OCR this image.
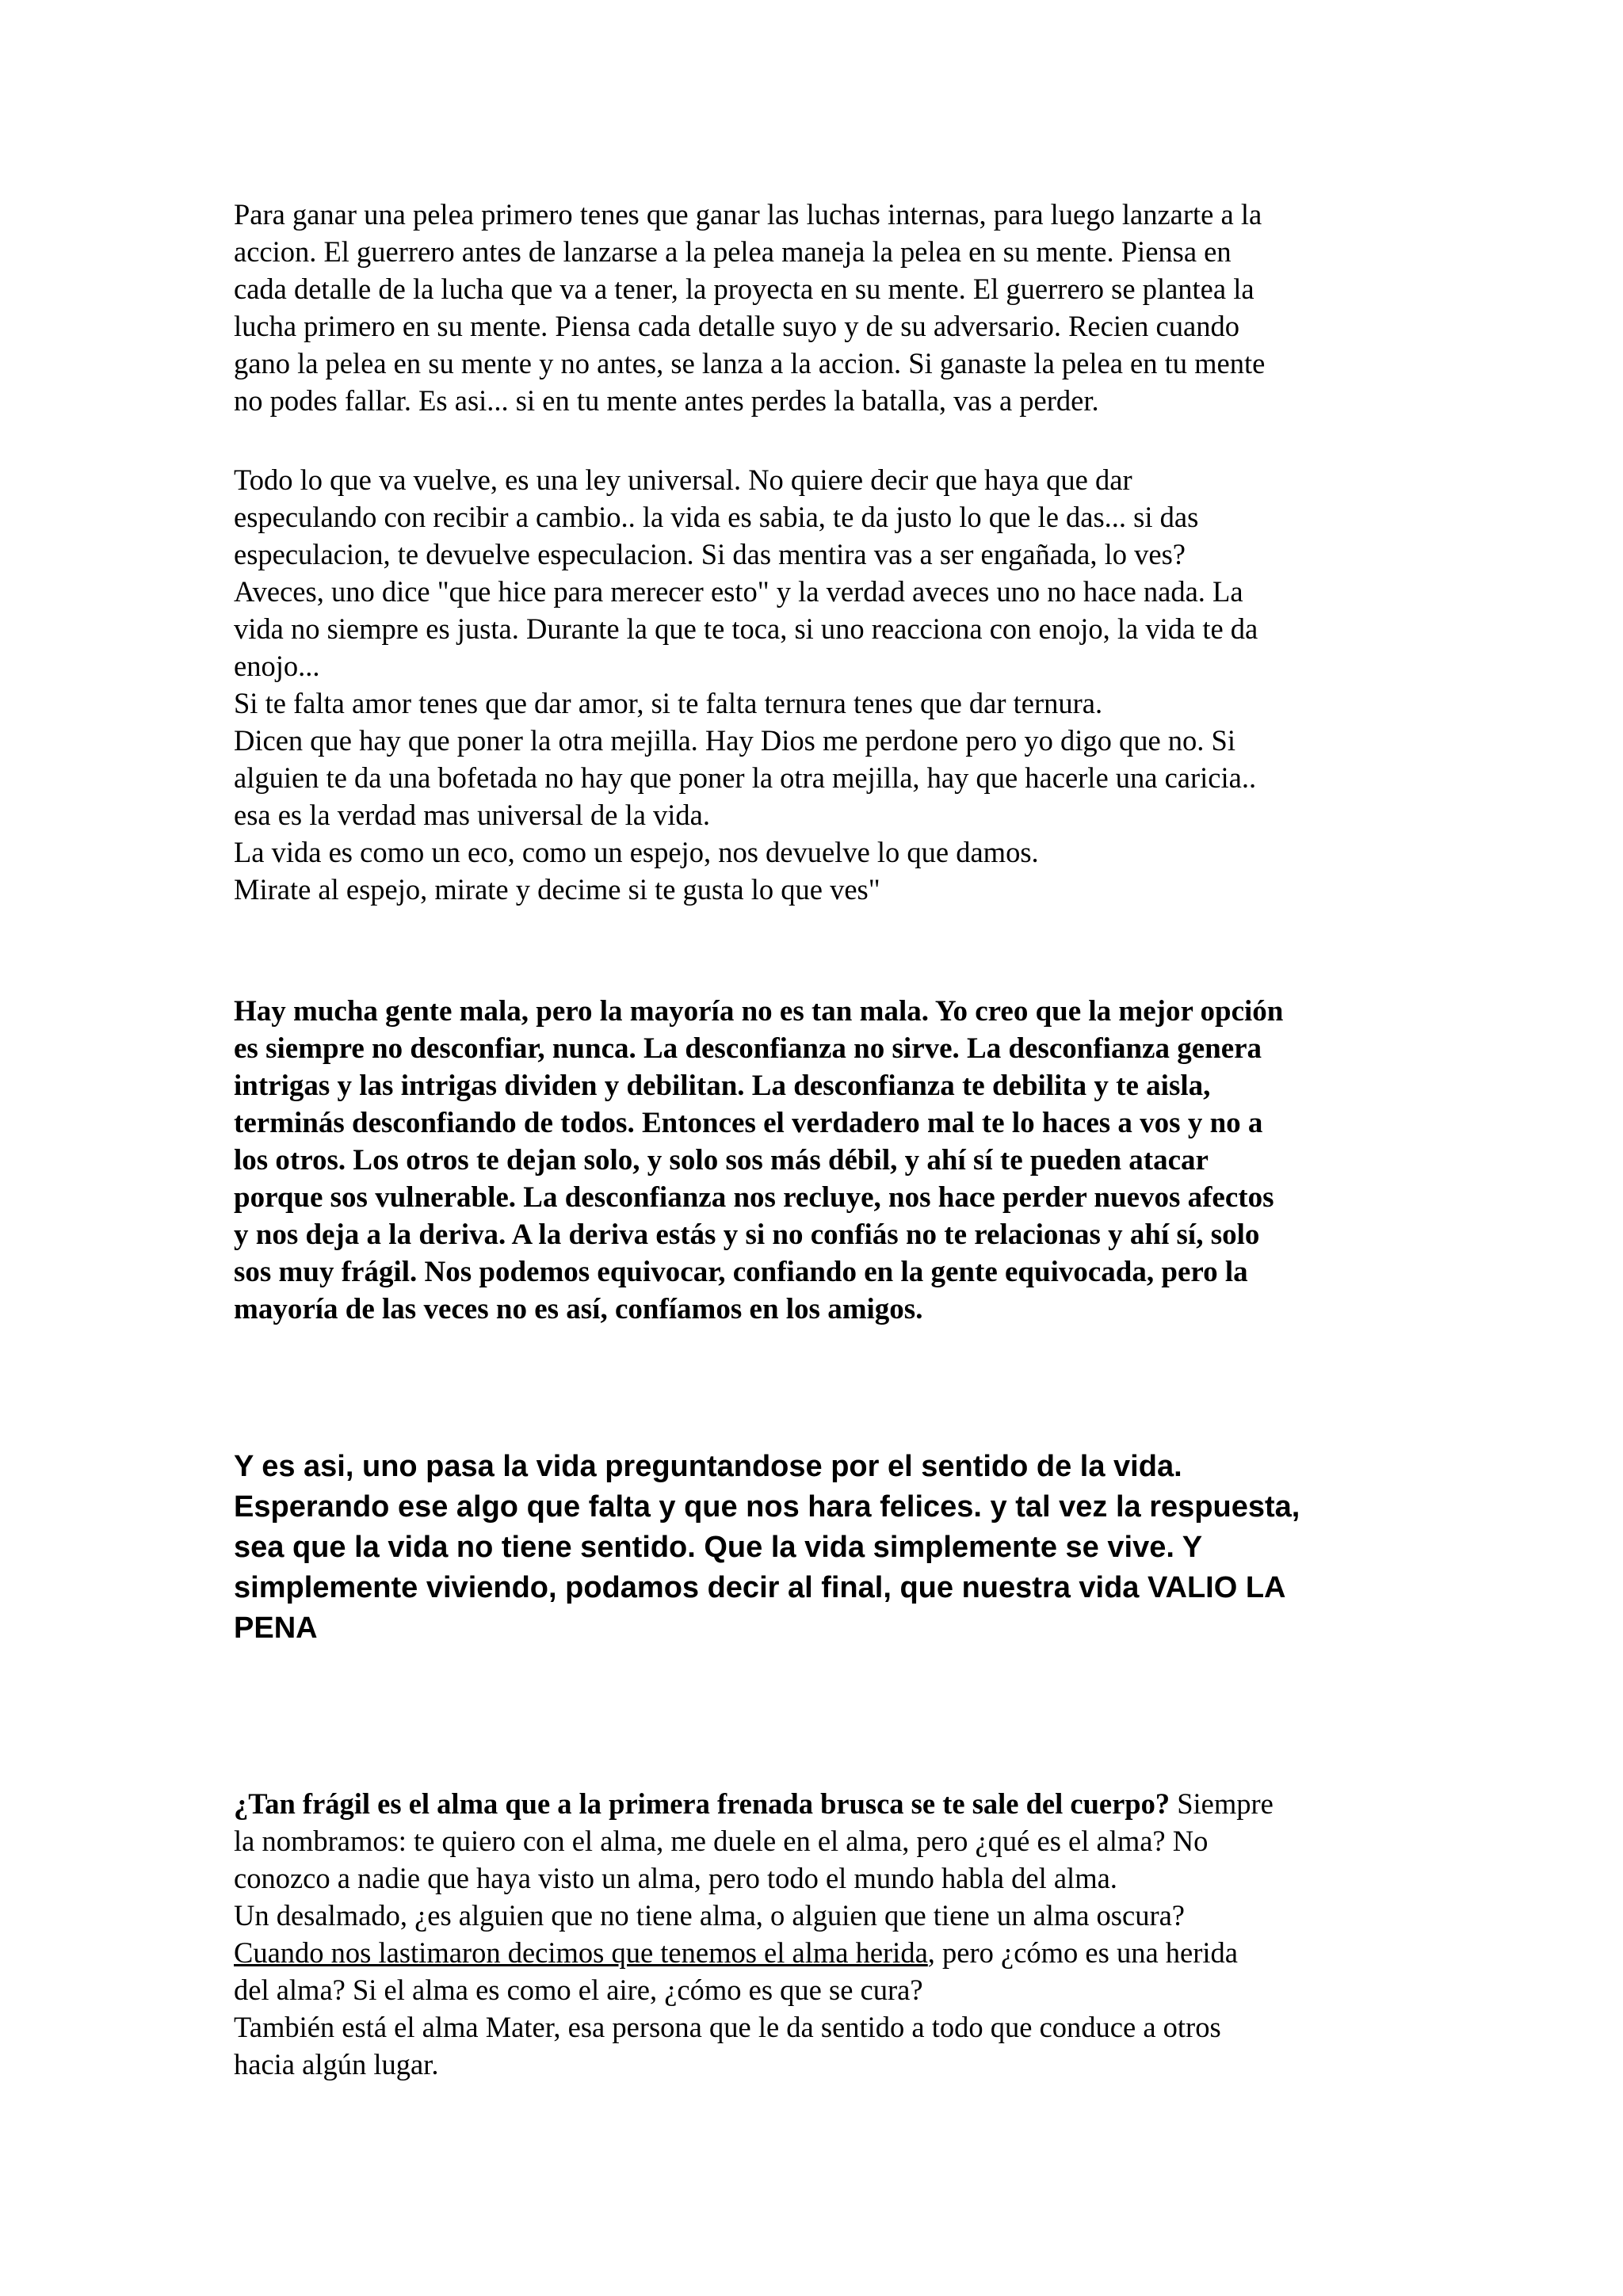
Para ganar una pelea primero tenes que ganar las luchas internas, para luego lanzarte a la
accion. El guerrero antes de lanzarse a la pelea maneja la pelea en su mente. Piensa en
cada detalle de la lucha que va a tener, la proyecta en su mente. El guerrero se plantea la
lucha primero en su mente. Piensa cada detalle suyo y de su adversario. Recien cuando
gano la pelea en su mente y no antes, se lanza a la accion. Si ganaste la pelea en tu mente
no podes fallar. Es asi... si en tu mente antes perdes la batalla, vas a perder.
Todo lo que va vuelve, es una ley universal. No quiere decir que haya que dar
especulando con recibir a cambio.. la vida es sabia, te da justo lo que le das... si das
especulacion, te devuelve especulacion. Si das mentira vas a ser engañada, lo ves?
Aveces, uno dice "que hice para merecer esto" y la verdad aveces uno no hace nada. La
vida no siempre es justa. Durante la que te toca, si uno reacciona con enojo, la vida te da
enojo...
Si te falta amor tenes que dar amor, si te falta ternura tenes que dar ternura.
Dicen que hay que poner la otra mejilla. Hay Dios me perdone pero yo digo que no. Si
alguien te da una bofetada no hay que poner la otra mejilla, hay que hacerle una caricia..
esa es la verdad mas universal de la vida.
La vida es como un eco, como un espejo, nos devuelve lo que damos.
Mirate al espejo, mirate y decime si te gusta lo que ves"
Hay mucha gente mala, pero la mayoría no es tan mala. Yo creo que la mejor opción
es siempre no desconfiar, nunca. La desconfianza no sirve. La desconfianza genera
intrigas y las intrigas dividen y debilitan. La desconfianza te debilita y te aisla,
terminás desconfiando de todos. Entonces el verdadero mal te lo haces a vos y no a
los otros. Los otros te dejan solo, y solo sos más débil, y ahí sí te pueden atacar
porque sos vulnerable. La desconfianza nos recluye, nos hace perder nuevos afectos
y nos deja a la deriva. A la deriva estás y si no confiás no te relacionas y ahí sí, solo
sos muy frágil. Nos podemos equivocar, confiando en la gente equivocada, pero la
mayoría de las veces no es así, confíamos en los amigos.
Y es asi, uno pasa la vida preguntandose por el sentido de la vida.
Esperando ese algo que falta y que nos hara felices. y tal vez la respuesta,
sea que la vida no tiene sentido. Que la vida simplemente se vive. Y
simplemente viviendo, podamos decir al final, que nuestra vida VALIO LA
PENA
¿Tan frágil es el alma que a la primera frenada brusca se te sale del cuerpo? Siempre
la nombramos: te quiero con el alma, me duele en el alma, pero ¿qué es el alma? No
conozco a nadie que haya visto un alma, pero todo el mundo habla del alma.
Un desalmado, ¿es alguien que no tiene alma, o alguien que tiene un alma oscura?
Cuando nos lastimaron decimos que tenemos el alma herida, pero ¿cómo es una herida
del alma? Si el alma es como el aire, ¿cómo es que se cura?
También está el alma Mater, esa persona que le da sentido a todo que conduce a otros
hacia algún lugar.
